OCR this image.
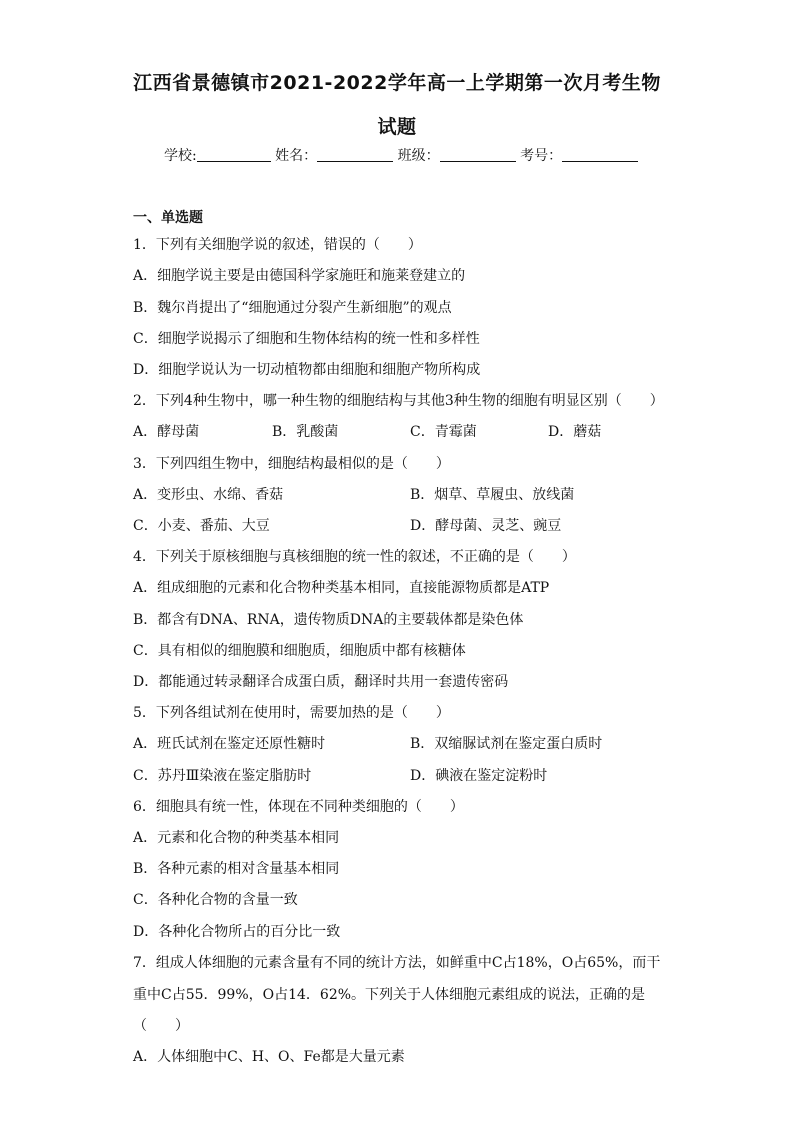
江西省景德镇市2021-2022学年高一上学期第一次月考生物
试题
学校:	姓名：	班级：	考号：
一、单选题
1．下列有关细胞学说的叙述，错误的（　　）
A．细胞学说主要是由德国科学家施旺和施莱登建立的
B．魏尔肖提出了“细胞通过分裂产生新细胞”的观点
C．细胞学说揭示了细胞和生物体结构的统一性和多样性
D．细胞学说认为一切动植物都由细胞和细胞产物所构成
2．下列4种生物中，哪一种生物的细胞结构与其他3种生物的细胞有明显区别（　　）
A．酵母菌	B．乳酸菌	C．青霉菌	D．蘑菇
3．下列四组生物中，细胞结构最相似的是（　　）
A．变形虫、水绵、香菇	B．烟草、草履虫、放线菌
C．小麦、番茄、大豆	D．酵母菌、灵芝、豌豆
4．下列关于原核细胞与真核细胞的统一性的叙述，不正确的是（　　）
A．组成细胞的元素和化合物种类基本相同，直接能源物质都是ATP
B．都含有DNA、RNA，遗传物质DNA的主要载体都是染色体
C．具有相似的细胞膜和细胞质，细胞质中都有核糖体
D．都能通过转录翻译合成蛋白质，翻译时共用一套遗传密码
5．下列各组试剂在使用时，需要加热的是（　　）
A．班氏试剂在鉴定还原性糖时	B．双缩脲试剂在鉴定蛋白质时
C．苏丹Ⅲ染液在鉴定脂肪时	D．碘液在鉴定淀粉时
6．细胞具有统一性，体现在不同种类细胞的（　　）
A．元素和化合物的种类基本相同
B．各种元素的相对含量基本相同
C．各种化合物的含量一致
D．各种化合物所占的百分比一致
7．组成人体细胞的元素含量有不同的统计方法，如鲜重中C占18%，O占65%，而干
重中C占55．99%，O占14．62%。下列关于人体细胞元素组成的说法，正确的是
（　　）
A．人体细胞中C、H、O、Fe都是大量元素
